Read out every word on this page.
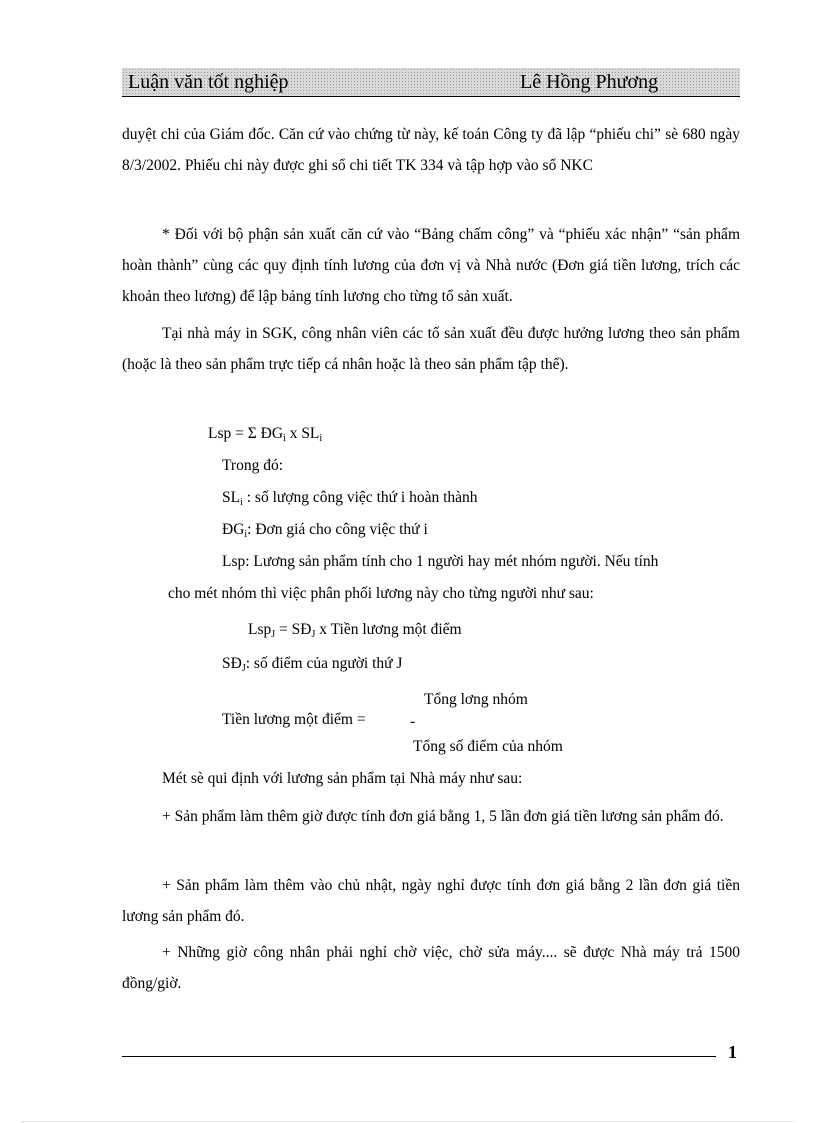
Luận văn tốt nghiệp	Lê Hồng Phương
duyệt chi của Giám đốc. Căn cứ vào chứng từ này, kế toán Công ty đã lập “phiếu chi” sè 680 ngày 8/3/2002. Phiếu chi này được ghi sổ chi tiết TK 334 và tập hợp vào sổ NKC
* Đối với bộ phận sản xuất căn cứ vào “Bảng chấm công” và “phiếu xác nhận” “sản phẩm hoàn thành” cùng các quy định tính lương của đơn vị và Nhà nước (Đơn giá tiền lương, trích các khoản theo lương) để lập bảng tính lương cho từng tổ sản xuất.
Tại nhà máy in SGK, công nhân viên các tổ sản xuất đều được hưởng lương theo sản phẩm (hoặc là theo sản phẩm trực tiếp cá nhân hoặc là theo sản phẩm tập thể).
Lsp = Σ $ĐG_i$ x $SL_i$
Trong đó:
$SL_i$ : số lượng công việc thứ i hoàn thành
$ĐG_i$: Đơn giá cho công việc thứ i
Lsp: Lương sản phẩm tính cho 1 người hay mét nhóm người. Nếu tính
cho mét nhóm thì việc phân phối lương này cho từng người như sau:
$Lsp_J = SĐ_J$ x Tiền lương một điểm
$SĐ_J$: số điểm của người thứ J
Tổng lơng nhóm
Tiền lương một điểm =	-
Tổng số điểm của nhóm
Mét sè qui định với lương sản phẩm tại Nhà máy như sau:
+ Sản phẩm làm thêm giờ được tính đơn giá bằng 1, 5 lần đơn giá tiền lương sản phẩm đó.
+ Sản phẩm làm thêm vào chủ nhật, ngày nghỉ được tính đơn giá bằng 2 lần đơn giá tiền lương sản phẩm đó.
+ Những giờ công nhân phải nghỉ chờ việc, chờ sửa máy.... sẽ được Nhà máy trả 1500 đồng/giờ.
1
